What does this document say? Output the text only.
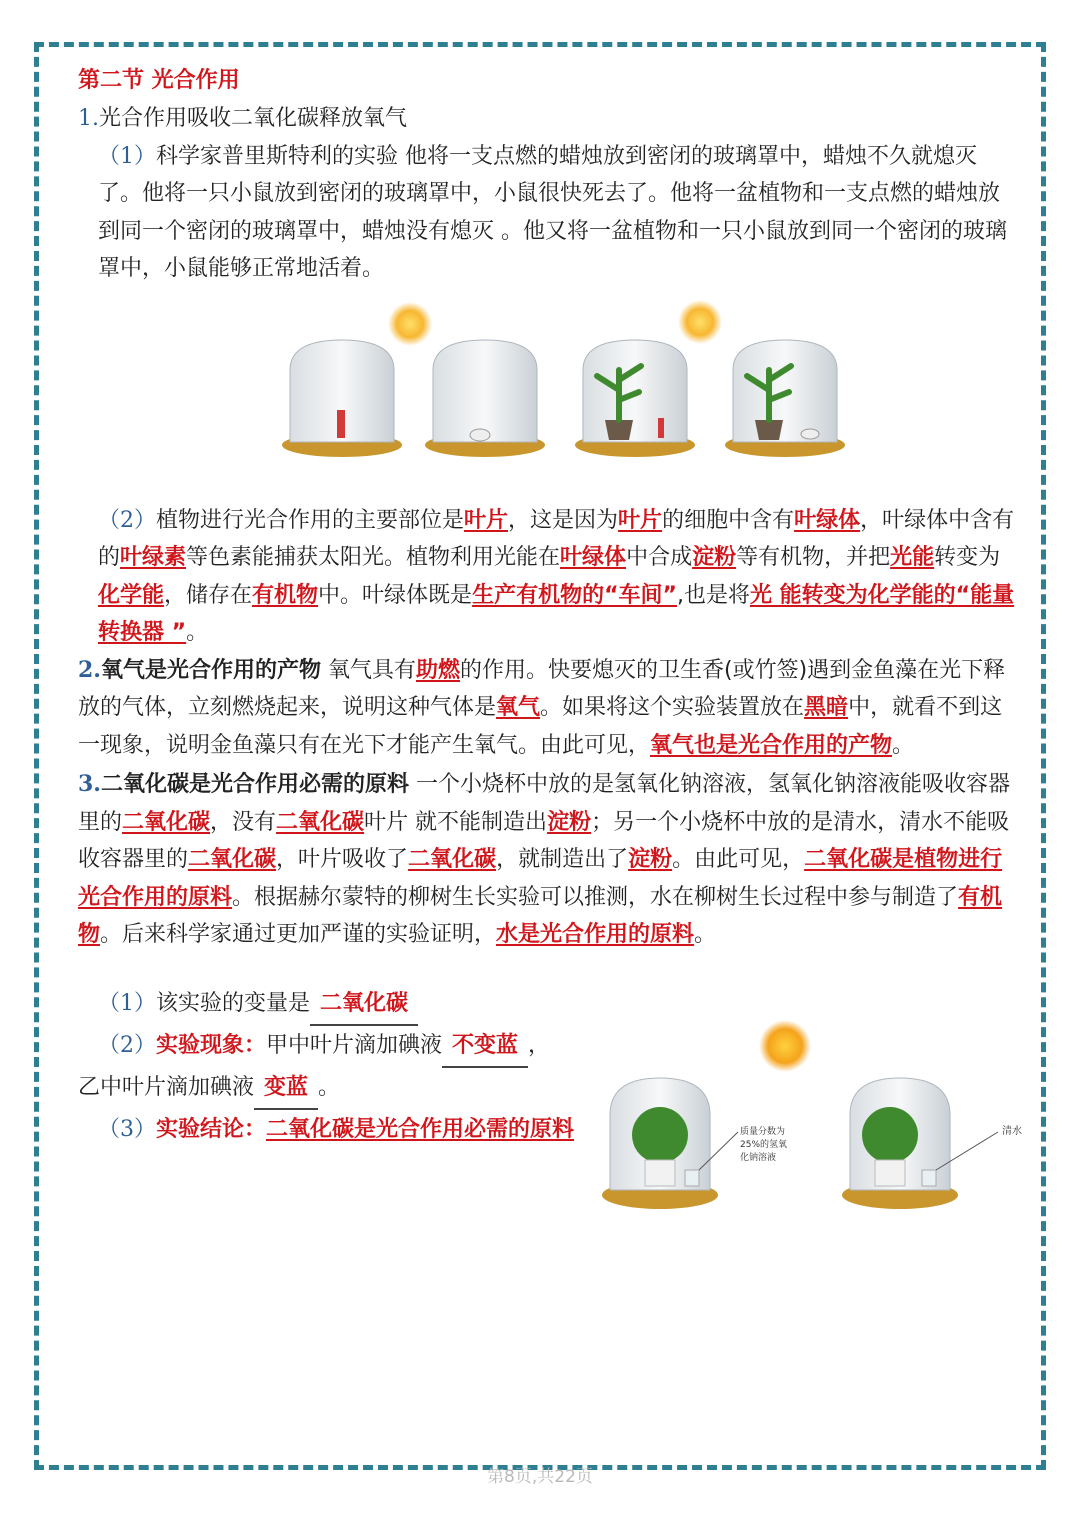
第二节 光合作用

1.光合作用吸收二氧化碳释放氧气

（1）科学家普里斯特利的实验 他将一支点燃的蜡烛放到密闭的玻璃罩中，蜡烛不久就熄灭了。他将一只小鼠放到密闭的玻璃罩中，小鼠很快死去了。他将一盆植物和一支点燃的蜡烛放到同一个密闭的玻璃罩中，蜡烛没有熄灭 。他又将一盆植物和一只小鼠放到同一个密闭的玻璃罩中，小鼠能够正常地活着。

（2）植物进行光合作用的主要部位是叶片，这是因为叶片的细胞中含有叶绿体，叶绿体中含有的叶绿素等色素能捕获太阳光。植物利用光能在叶绿体中合成淀粉等有机物，并把光能转变为化学能，储存在有机物中。叶绿体既是生产有机物的“车间”,也是将光 能转变为化学能的“能量 转换器 ”。

2.氧气是光合作用的产物 氧气具有助燃的作用。快要熄灭的卫生香(或竹签)遇到金鱼藻在光下释放的气体，立刻燃烧起来，说明这种气体是氧气。如果将这个实验装置放在黑暗中，就看不到这一现象，说明金鱼藻只有在光下才能产生氧气。由此可见，氧气也是光合作用的产物。

3.二氧化碳是光合作用必需的原料 一个小烧杯中放的是氢氧化钠溶液，氢氧化钠溶液能吸收容器里的二氧化碳，没有二氧化碳叶片 就不能制造出淀粉；另一个小烧杯中放的是清水，清水不能吸收容器里的二氧化碳，叶片吸收了二氧化碳，就制造出了淀粉。由此可见，二氧化碳是植物进行光合作用的原料。根据赫尔蒙特的柳树生长实验可以推测，水在柳树生长过程中参与制造了有机物。后来科学家通过更加严谨的实验证明，水是光合作用的原料。

（1）该实验的变量是 二氧化碳
（2）实验现象：甲中叶片滴加碘液 不变蓝 ，
乙中叶片滴加碘液 变蓝 。
（3）实验结论：二氧化碳是光合作用必需的原料	质量分数为 25%的氢氧化钠溶液
清水
第8页,共22页
